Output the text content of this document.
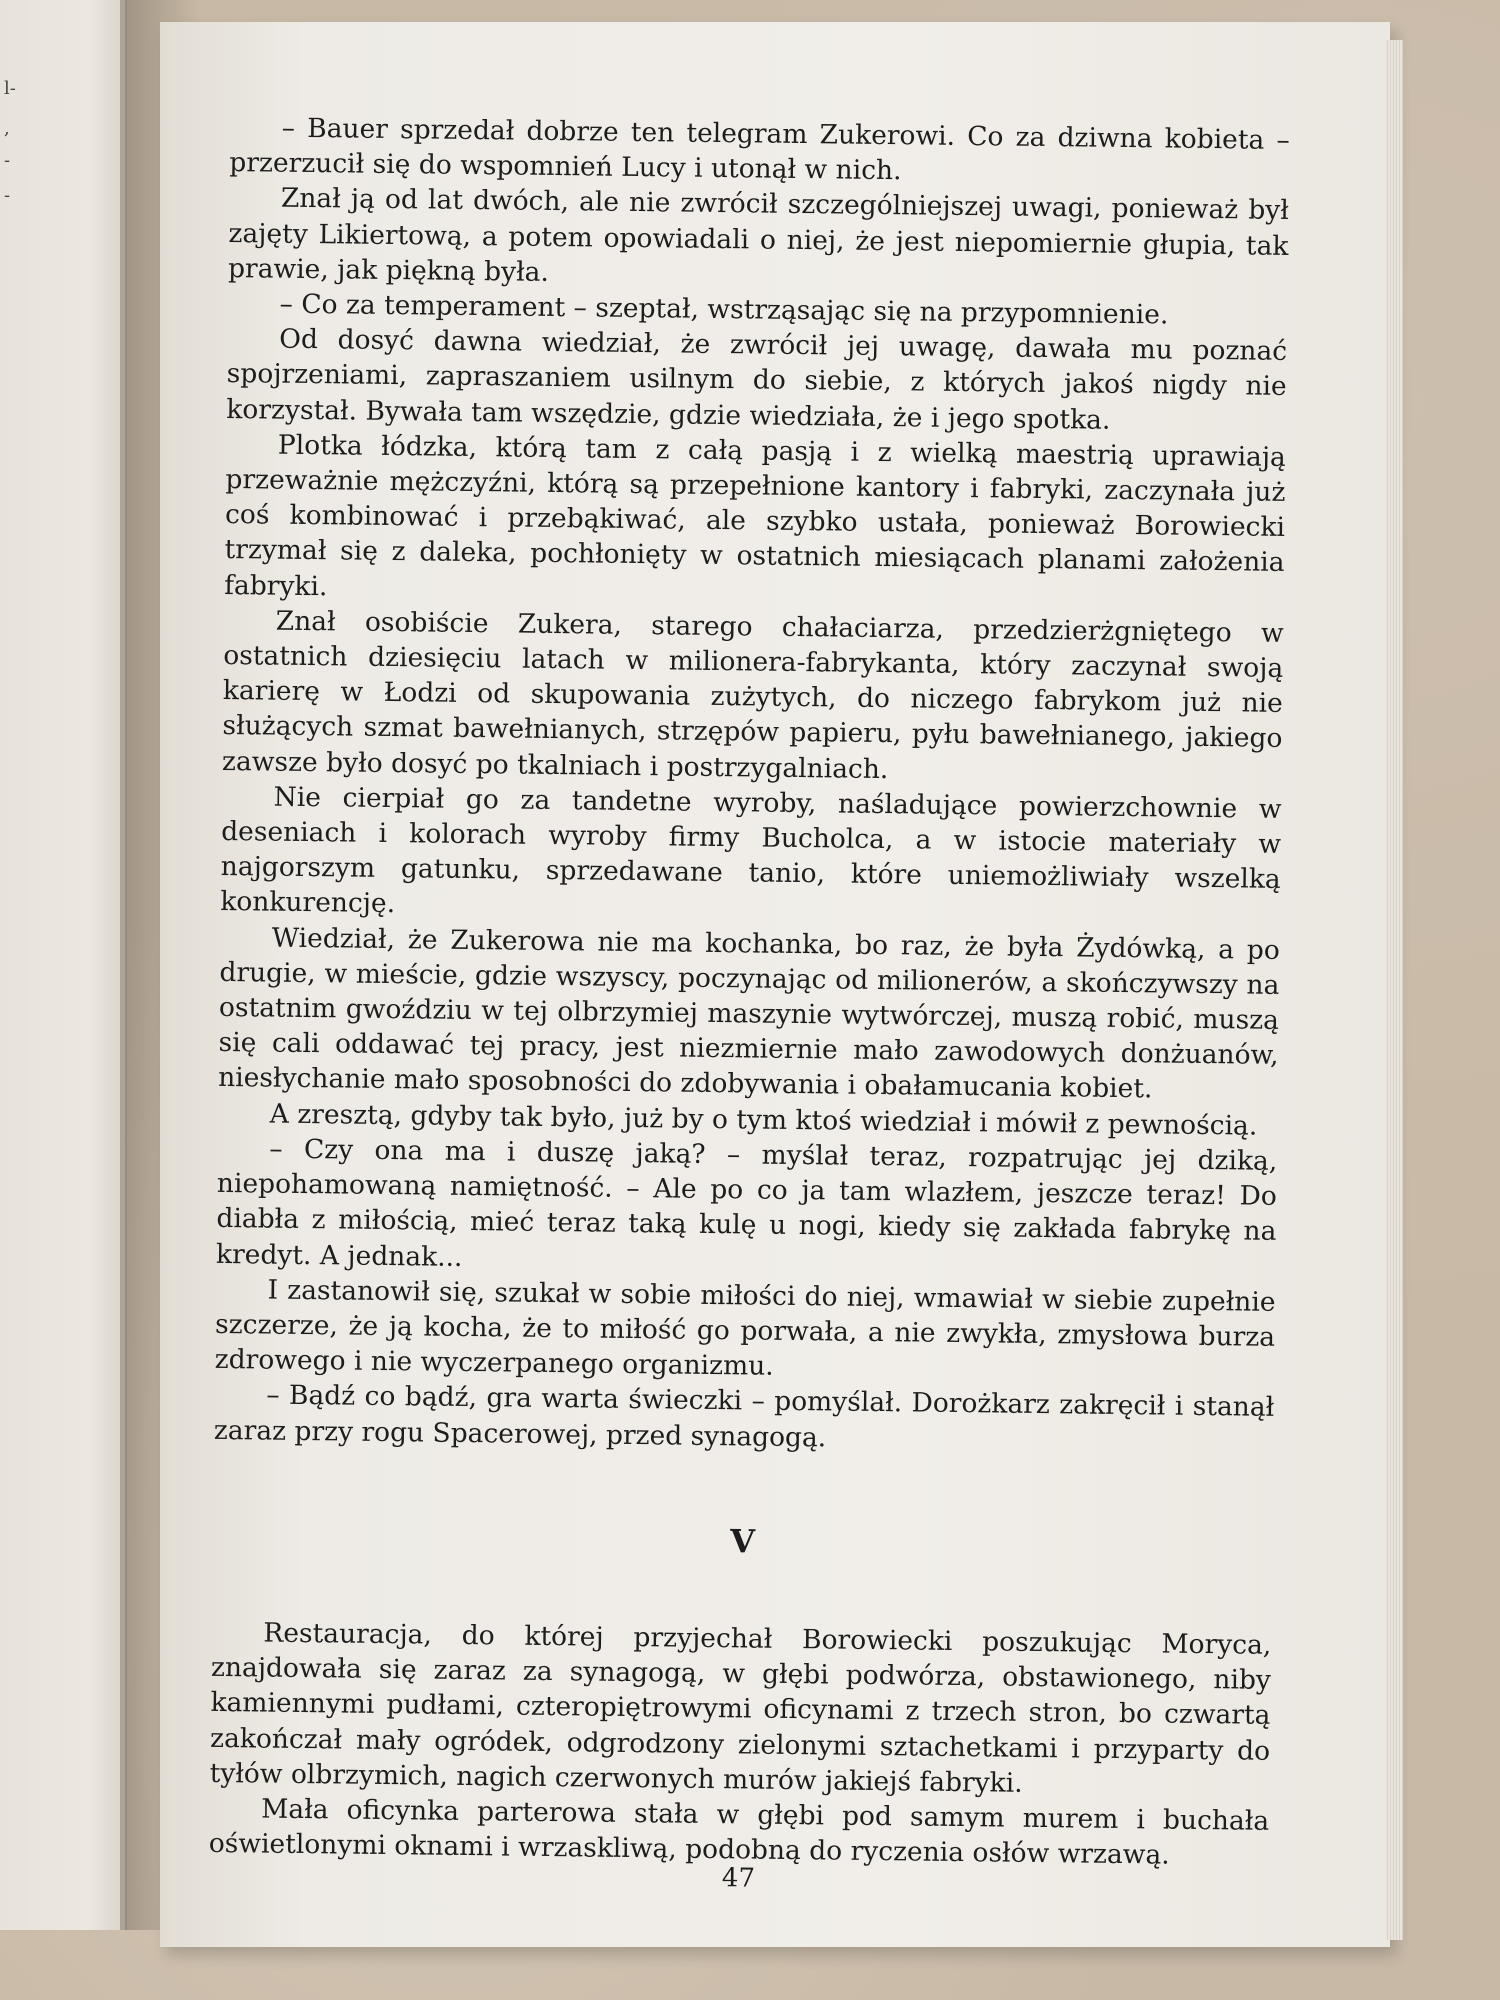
l-
,
-
-

– Bauer sprzedał dobrze ten telegram Zukerowi. Co za dziwna kobieta – przerzucił się do wspomnień Lucy i utonął w nich.

Znał ją od lat dwóch, ale nie zwrócił szczególniejszej uwagi, ponieważ był zajęty Likiertową, a potem opowiadali o niej, że jest niepomiernie głupia, tak prawie, jak piękną była.

– Co za temperament – szeptał, wstrząsając się na przypomnienie.

Od dosyć dawna wiedział, że zwrócił jej uwagę, dawała mu poznać spojrzeniami, zapraszaniem usilnym do siebie, z których jakoś nigdy nie korzystał. Bywała tam wszędzie, gdzie wiedziała, że i jego spotka.

Plotka łódzka, którą tam z całą pasją i z wielką maestrią uprawiają przeważnie mężczyźni, którą są przepełnione kantory i fabryki, zaczynała już coś kombinować i przebąkiwać, ale szybko ustała, ponieważ Borowiecki trzymał się z daleka, pochłonięty w ostatnich miesiącach planami założenia fabryki.

Znał osobiście Zukera, starego chałaciarza, przedzierżgniętego w ostatnich dziesięciu latach w milionera-fabrykanta, który zaczynał swoją karierę w Łodzi od skupowania zużytych, do niczego fabrykom już nie służących szmat bawełnianych, strzępów papieru, pyłu bawełnianego, jakiego zawsze było dosyć po tkalniach i postrzygalniach.

Nie cierpiał go za tandetne wyroby, naśladujące powierzchownie w deseniach i kolorach wyroby firmy Bucholca, a w istocie materiały w najgorszym gatunku, sprzedawane tanio, które uniemożliwiały wszelką konkurencję.

Wiedział, że Zukerowa nie ma kochanka, bo raz, że była Żydówką, a po drugie, w mieście, gdzie wszyscy, poczynając od milionerów, a skończywszy na ostatnim gwoździu w tej olbrzymiej maszynie wytwórczej, muszą robić, muszą się cali oddawać tej pracy, jest niezmiernie mało zawodowych donżuanów, niesłychanie mało sposobności do zdobywania i obałamucania kobiet.

A zresztą, gdyby tak było, już by o tym ktoś wiedział i mówił z pewnością.

– Czy ona ma i duszę jaką? – myślał teraz, rozpatrując jej dziką, niepohamowaną namiętność. – Ale po co ja tam wlazłem, jeszcze teraz! Do diabła z miłością, mieć teraz taką kulę u nogi, kiedy się zakłada fabrykę na kredyt. A jednak...

I zastanowił się, szukał w sobie miłości do niej, wmawiał w siebie zupełnie szczerze, że ją kocha, że to miłość go porwała, a nie zwykła, zmysłowa burza zdrowego i nie wyczerpanego organizmu.

– Bądź co bądź, gra warta świeczki – pomyślał. Dorożkarz zakręcił i stanął zaraz przy rogu Spacerowej, przed synagogą.

V

Restauracja, do której przyjechał Borowiecki poszukując Moryca, znajdowała się zaraz za synagogą, w głębi podwórza, obstawionego, niby kamiennymi pudłami, czteropiętrowymi oficynami z trzech stron, bo czwartą zakończał mały ogródek, odgrodzony zielonymi sztachetkami i przyparty do tyłów olbrzymich, nagich czerwonych murów jakiejś fabryki.

Mała oficynka parterowa stała w głębi pod samym murem i buchała oświetlonymi oknami i wrzaskliwą, podobną do ryczenia osłów wrzawą.

47
